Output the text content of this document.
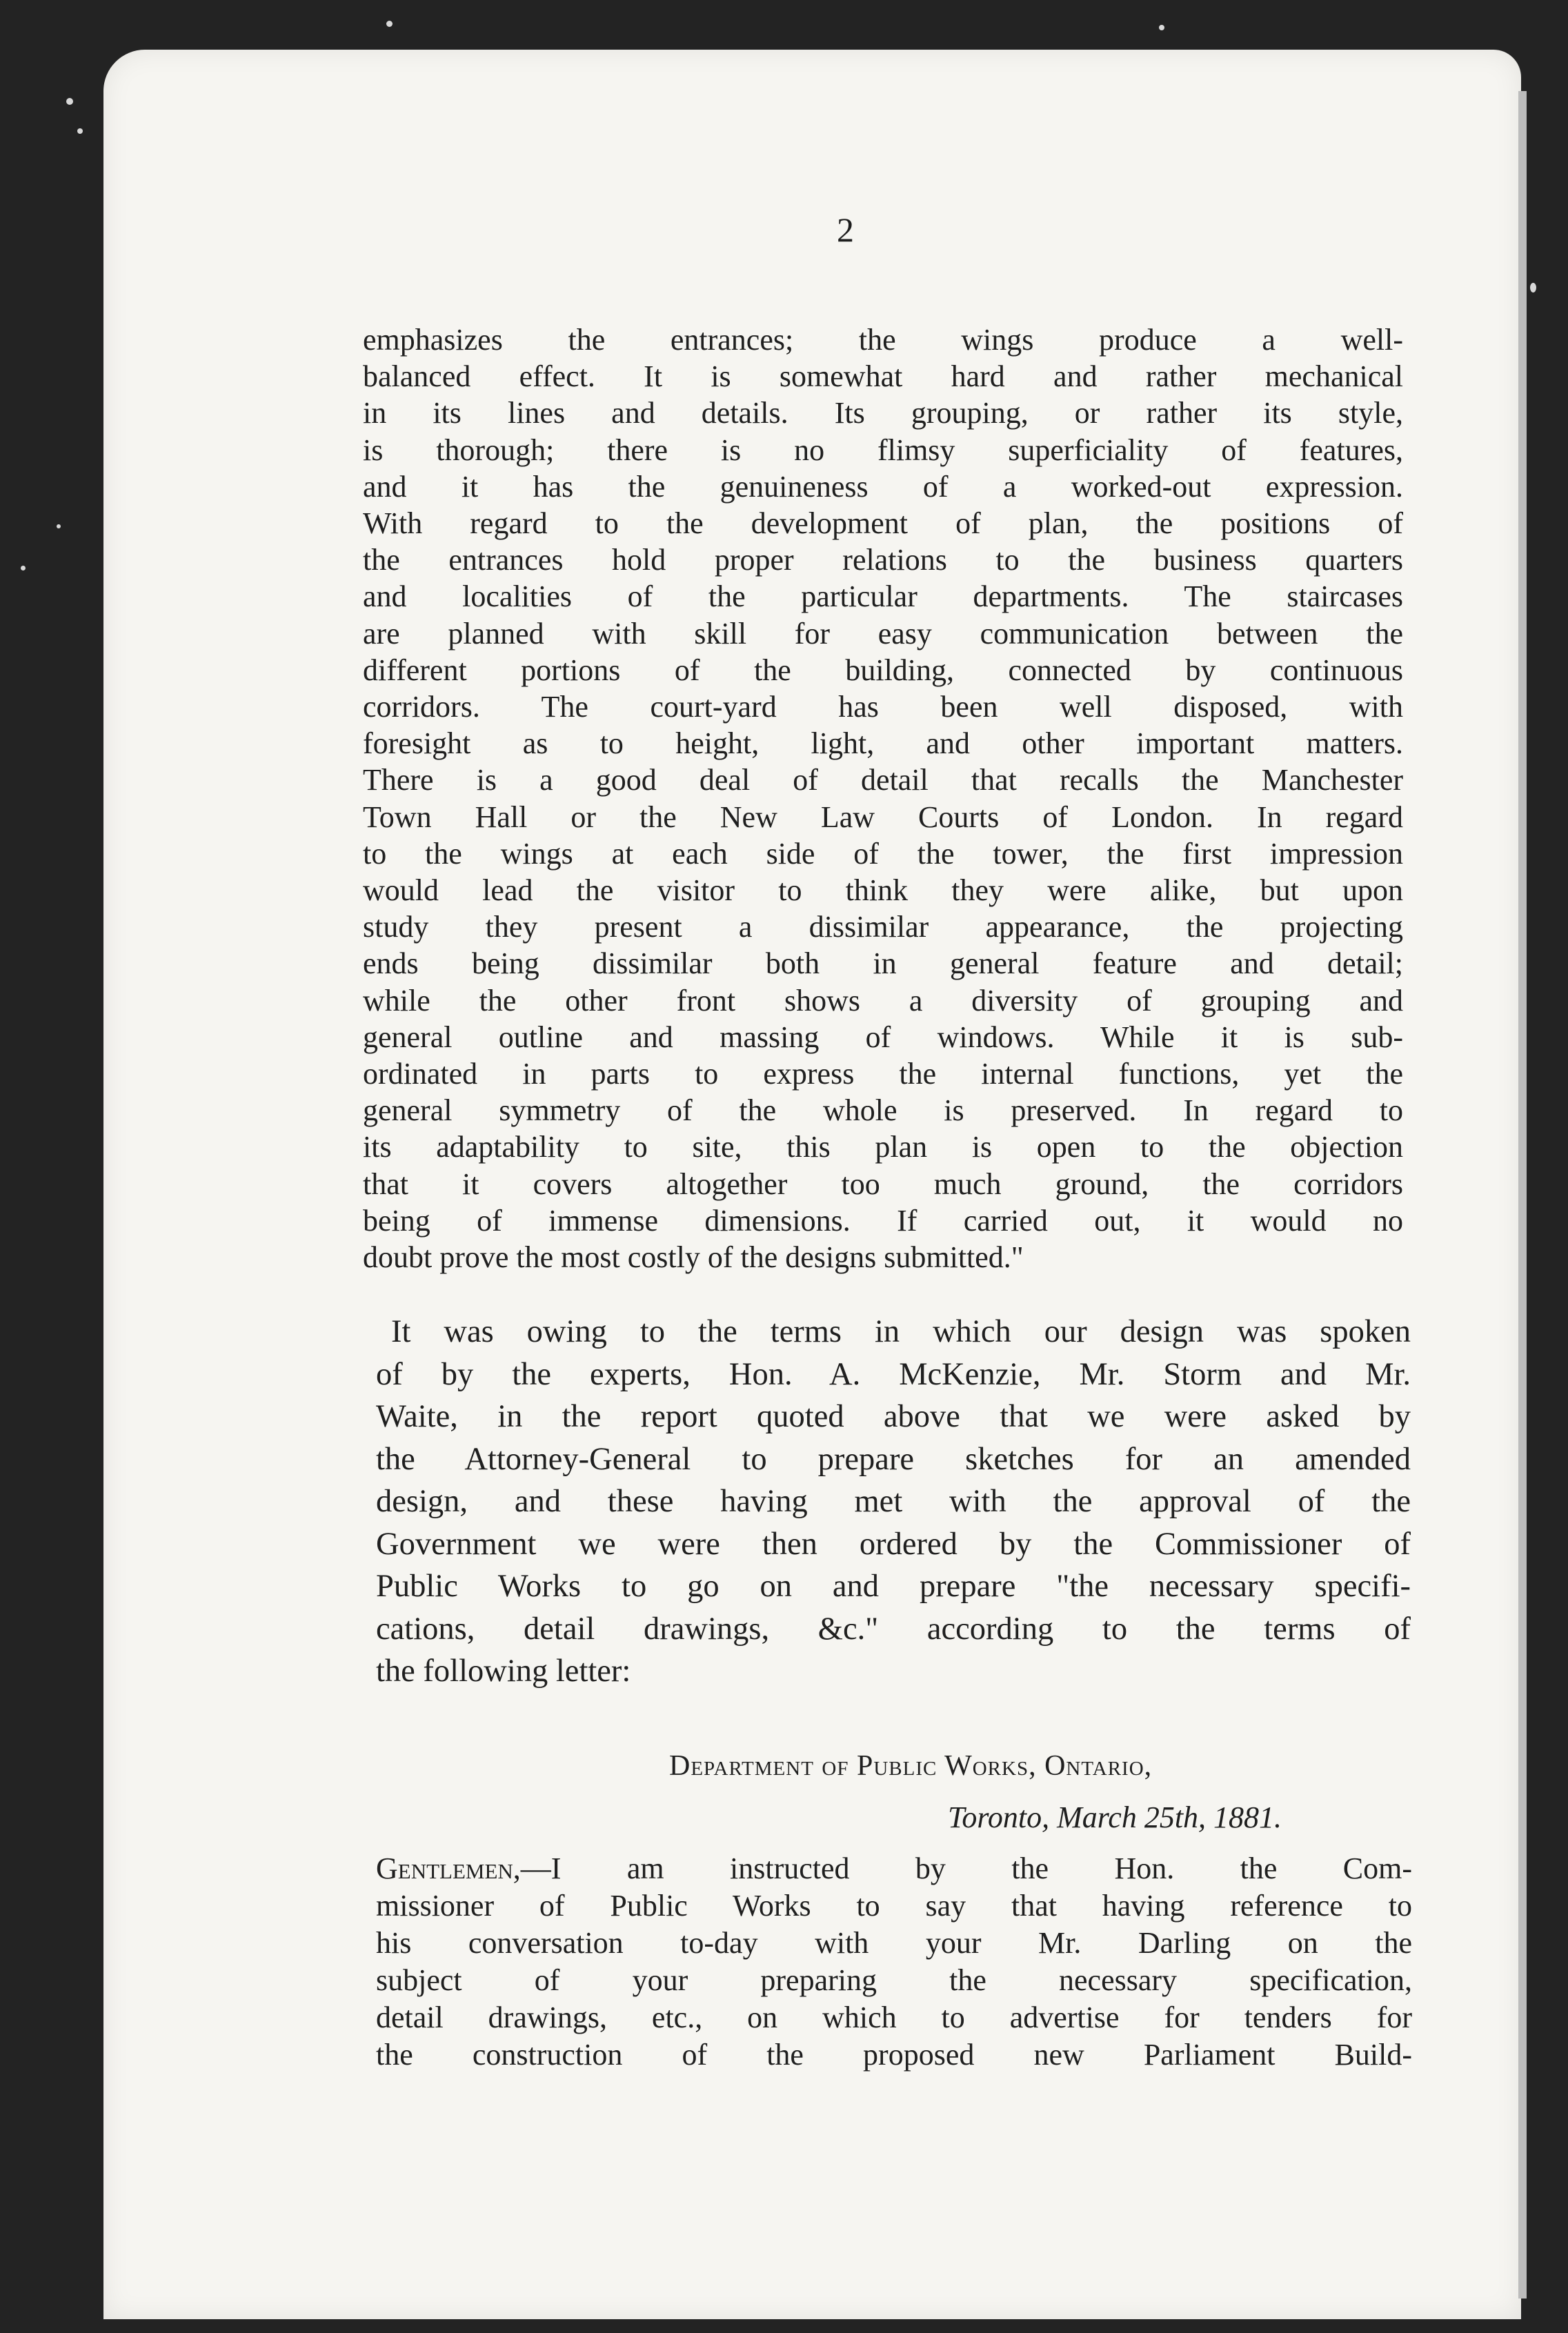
2
emphasizes the entrances; the wings produce a well-
balanced effect. It is somewhat hard and rather mechanical
in its lines and details. Its grouping, or rather its style,
is thorough; there is no flimsy superficiality of features,
and it has the genuineness of a worked-out expression.
With regard to the development of plan, the positions of
the entrances hold proper relations to the business quarters
and localities of the particular departments. The staircases
are planned with skill for easy communication between the
different portions of the building, connected by continuous
corridors. The court-yard has been well disposed, with
foresight as to height, light, and other important matters.
There is a good deal of detail that recalls the Manchester
Town Hall or the New Law Courts of London. In regard
to the wings at each side of the tower, the first impression
would lead the visitor to think they were alike, but upon
study they present a dissimilar appearance, the projecting
ends being dissimilar both in general feature and detail;
while the other front shows a diversity of grouping and
general outline and massing of windows. While it is sub-
ordinated in parts to express the internal functions, yet the
general symmetry of the whole is preserved. In regard to
its adaptability to site, this plan is open to the objection
that it covers altogether too much ground, the corridors
being of immense dimensions. If carried out, it would no
doubt prove the most costly of the designs submitted."
It was owing to the terms in which our design was spoken
of by the experts, Hon. A. McKenzie, Mr. Storm and Mr.
Waite, in the report quoted above that we were asked by
the Attorney-General to prepare sketches for an amended
design, and these having met with the approval of the
Government we were then ordered by the Commissioner of
Public Works to go on and prepare "the necessary specifi-
cations, detail drawings, &c." according to the terms of
the following letter:
Department of Public Works, Ontario,
Toronto, March 25th, 1881.
Gentlemen,—I am instructed by the Hon. the Com-
missioner of Public Works to say that having reference to
his conversation to-day with your Mr. Darling on the
subject of your preparing the necessary specification,
detail drawings, etc., on which to advertise for tenders for
the construction of the proposed new Parliament Build-
